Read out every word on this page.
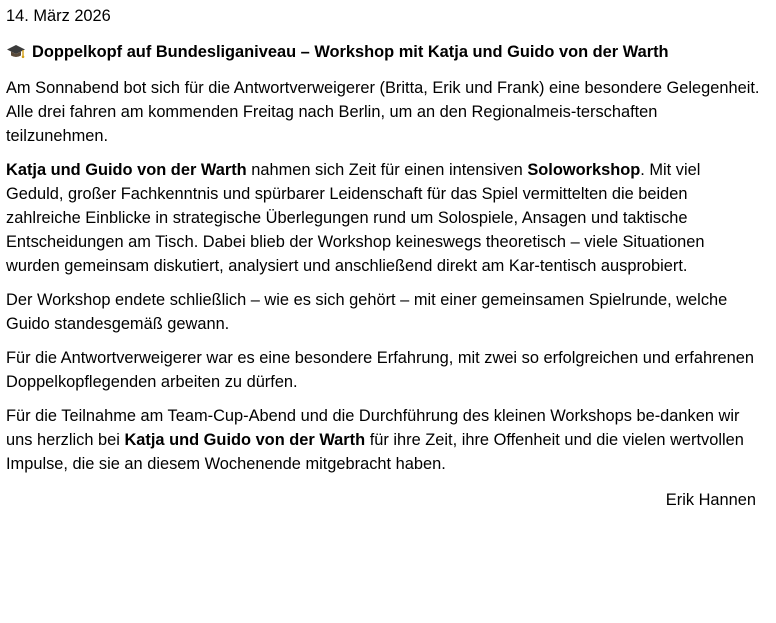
14. März 2026
Doppelkopf auf Bundesliganiveau – Workshop mit Katja und Guido von der Warth

Am Sonnabend bot sich für die Antwortverweigerer (Britta, Erik und Frank) eine besondere Gelegenheit. Alle drei fahren am kommenden Freitag nach Berlin, um an den Regionalmeis-terschaften teilzunehmen.

Katja und Guido von der Warth nahmen sich Zeit für einen intensiven Soloworkshop. Mit viel Geduld, großer Fachkenntnis und spürbarer Leidenschaft für das Spiel vermittelten die beiden zahlreiche Einblicke in strategische Überlegungen rund um Solospiele, Ansagen und taktische Entscheidungen am Tisch. Dabei blieb der Workshop keineswegs theoretisch – viele Situationen wurden gemeinsam diskutiert, analysiert und anschließend direkt am Kar-tentisch ausprobiert.

Der Workshop endete schließlich – wie es sich gehört – mit einer gemeinsamen Spielrunde, welche Guido standesgemäß gewann.

Für die Antwortverweigerer war es eine besondere Erfahrung, mit zwei so erfolgreichen und erfahrenen Doppelkopflegenden arbeiten zu dürfen.

Für die Teilnahme am Team-Cup-Abend und die Durchführung des kleinen Workshops be-danken wir uns herzlich bei Katja und Guido von der Warth für ihre Zeit, ihre Offenheit und die vielen wertvollen Impulse, die sie an diesem Wochenende mitgebracht haben.

Erik Hannen
